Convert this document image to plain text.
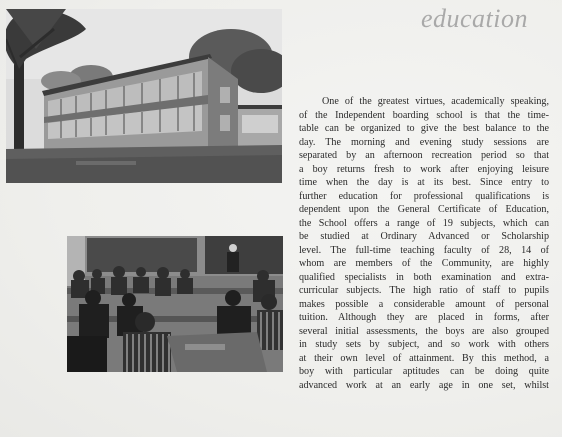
education
One of the greatest virtues, academically speaking,
of the Independent boarding school is that the time-
table can be organized to give the best balance to the
day. The morning and evening study sessions are
separated by an afternoon recreation period so that
a boy returns fresh to work after enjoying leisure
time when the day is at its best. Since entry to
further education for professional qualifications is
dependent upon the General Certificate of Education,
the School offers a range of 19 subjects, which can
be studied at Ordinary Advanced or Scholarship
level. The full-time teaching faculty of 28, 14 of
whom are members of the Community, are highly
qualified specialists in both examination and extra-
curricular subjects. The high ratio of staff to pupils
makes possible a considerable amount of personal
tuition. Although they are placed in forms, after
several initial assessments, the boys are also grouped
in study sets by subject, and so work with others
at their own level of attainment. By this method, a
boy with particular aptitudes can be doing quite
advanced work at an early age in one set, whilst
